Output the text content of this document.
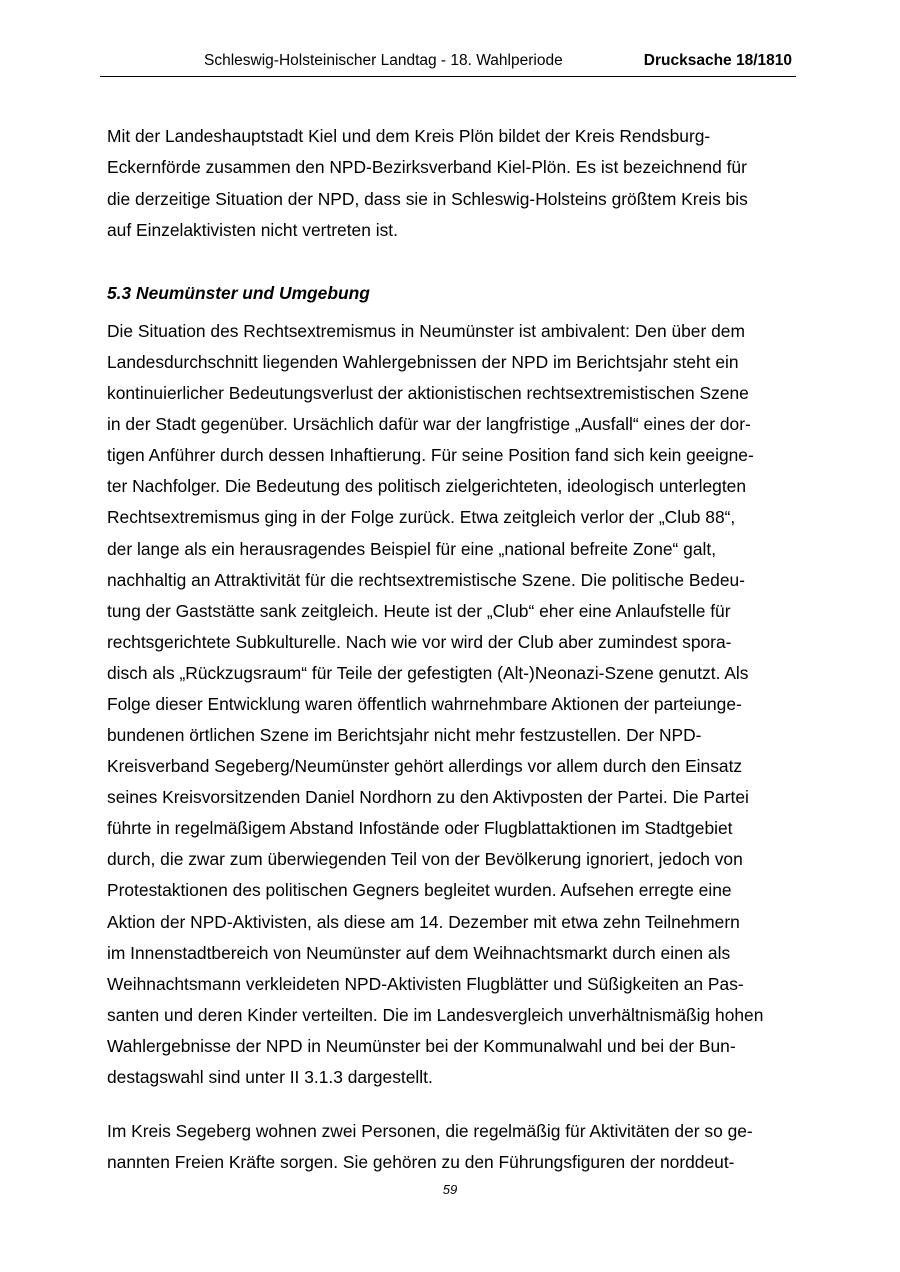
Schleswig-Holsteinischer Landtag - 18. Wahlperiode	Drucksache 18/1810
Mit der Landeshauptstadt Kiel und dem Kreis Plön bildet der Kreis Rendsburg-
Eckernförde zusammen den NPD-Bezirksverband Kiel-Plön. Es ist bezeichnend für
die derzeitige Situation der NPD, dass sie in Schleswig-Holsteins größtem Kreis bis
auf Einzelaktivisten nicht vertreten ist.
5.3 Neumünster und Umgebung
Die Situation des Rechtsextremismus in Neumünster ist ambivalent: Den über dem
Landesdurchschnitt liegenden Wahlergebnissen der NPD im Berichtsjahr steht ein
kontinuierlicher Bedeutungsverlust der aktionistischen rechtsextremistischen Szene
in der Stadt gegenüber. Ursächlich dafür war der langfristige „Ausfall“ eines der dor-
tigen Anführer durch dessen Inhaftierung. Für seine Position fand sich kein geeigne-
ter Nachfolger. Die Bedeutung des politisch zielgerichteten, ideologisch unterlegten
Rechtsextremismus ging in der Folge zurück. Etwa zeitgleich verlor der „Club 88“,
der lange als ein herausragendes Beispiel für eine „national befreite Zone“ galt,
nachhaltig an Attraktivität für die rechtsextremistische Szene. Die politische Bedeu-
tung der Gaststätte sank zeitgleich. Heute ist der „Club“ eher eine Anlaufstelle für
rechtsgerichtete Subkulturelle. Nach wie vor wird der Club aber zumindest spora-
disch als „Rückzugsraum“ für Teile der gefestigten (Alt-)Neonazi-Szene genutzt. Als
Folge dieser Entwicklung waren öffentlich wahrnehmbare Aktionen der parteiunge-
bundenen örtlichen Szene im Berichtsjahr nicht mehr festzustellen. Der NPD-
Kreisverband Segeberg/Neumünster gehört allerdings vor allem durch den Einsatz
seines Kreisvorsitzenden Daniel Nordhorn zu den Aktivposten der Partei. Die Partei
führte in regelmäßigem Abstand Infostände oder Flugblattaktionen im Stadtgebiet
durch, die zwar zum überwiegenden Teil von der Bevölkerung ignoriert, jedoch von
Protestaktionen des politischen Gegners begleitet wurden. Aufsehen erregte eine
Aktion der NPD-Aktivisten, als diese am 14. Dezember mit etwa zehn Teilnehmern
im Innenstadtbereich von Neumünster auf dem Weihnachtsmarkt durch einen als
Weihnachtsmann verkleideten NPD-Aktivisten Flugblätter und Süßigkeiten an Pas-
santen und deren Kinder verteilten. Die im Landesvergleich unverhältnismäßig hohen
Wahlergebnisse der NPD in Neumünster bei der Kommunalwahl und bei der Bun-
destagswahl sind unter II 3.1.3 dargestellt.
Im Kreis Segeberg wohnen zwei Personen, die regelmäßig für Aktivitäten der so ge-
nannten Freien Kräfte sorgen. Sie gehören zu den Führungsfiguren der norddeut-
59
